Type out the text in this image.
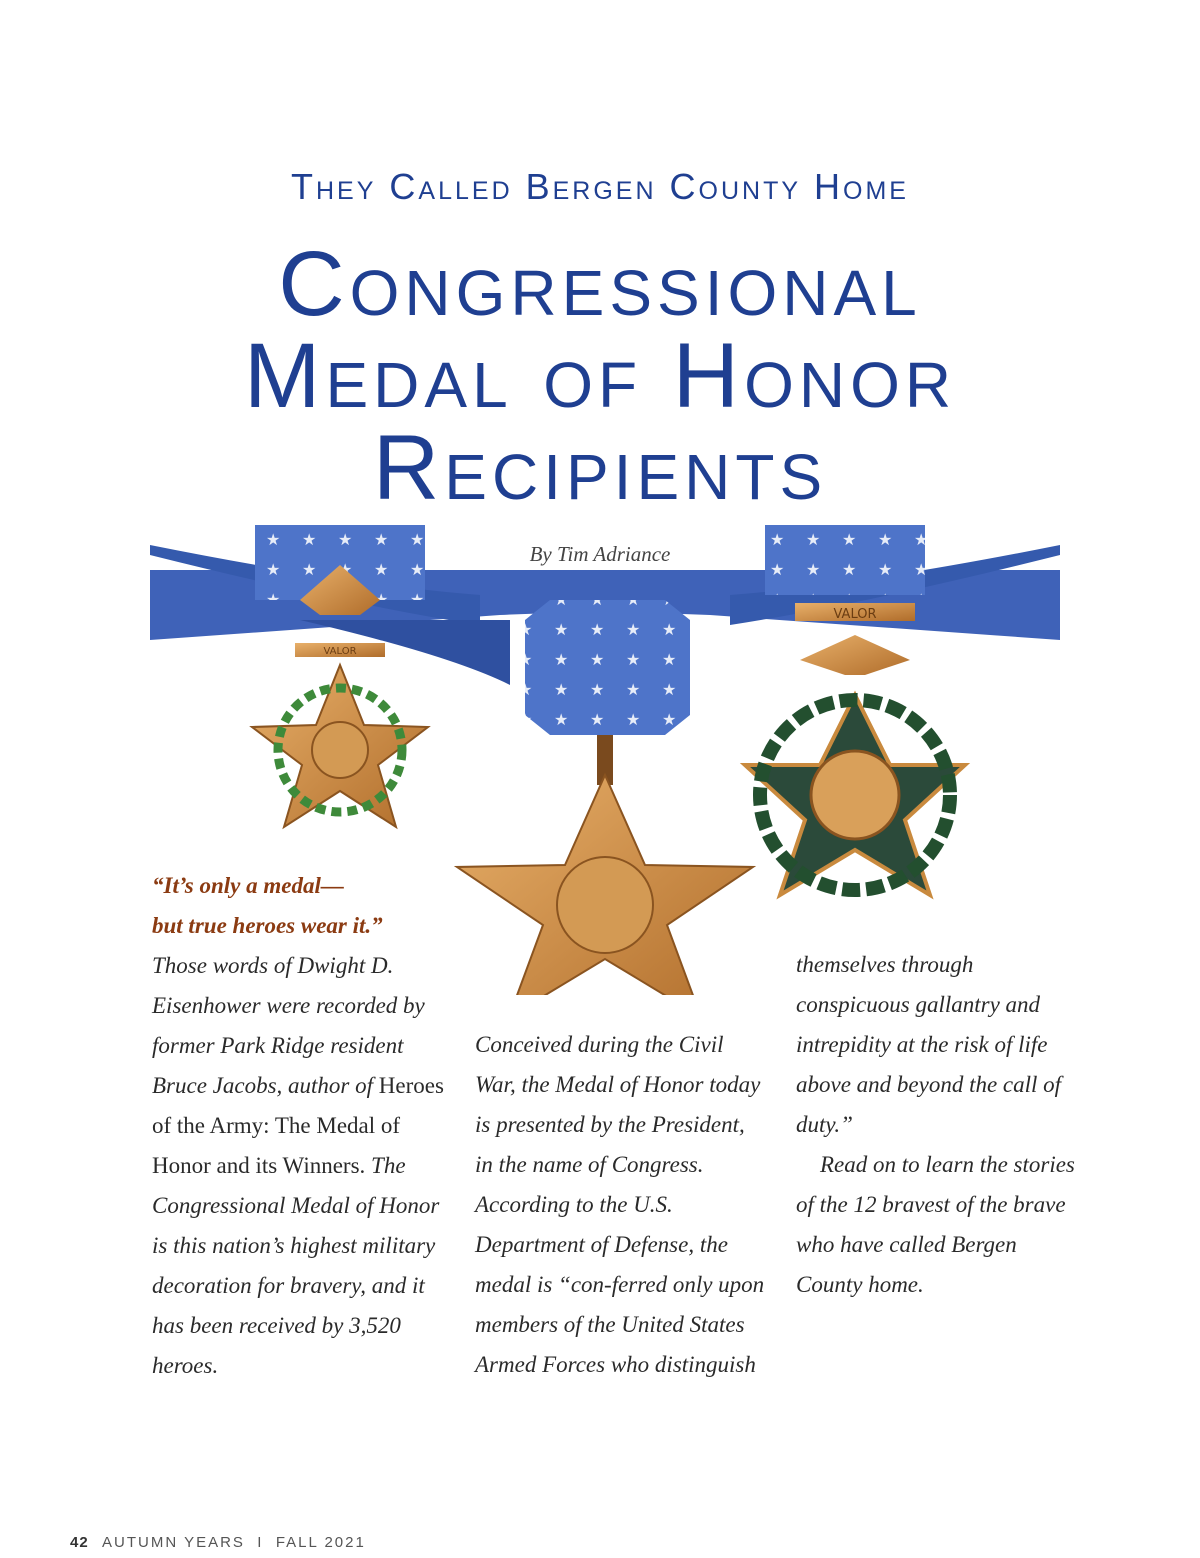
They Called Bergen County Home
Congressional
Medal of Honor
Recipients
VALOR
VALOR
By Tim Adriance

“It’s only a medal—
but true heroes wear it.”
Those words of Dwight D. Eisenhower were recorded by former Park Ridge resident Bruce Jacobs, author of Heroes of the Army: The Medal of Honor and its Winners. The Congressional Medal of Honor is this nation’s highest military decoration for bravery, and it has been received by 3,520 heroes.

Conceived during the Civil War, the Medal of Honor today is presented by the President, in the name of Congress. According to the U.S. Department of Defense, the medal is “con-ferred only upon members of the United States Armed Forces who distinguish

themselves through conspicuous gallantry and intrepidity at the risk of life above and beyond the call of duty.”

Read on to learn the stories of the 12 bravest of the brave who have called Bergen County home.

42 AUTUMN YEARS I FALL 2021
